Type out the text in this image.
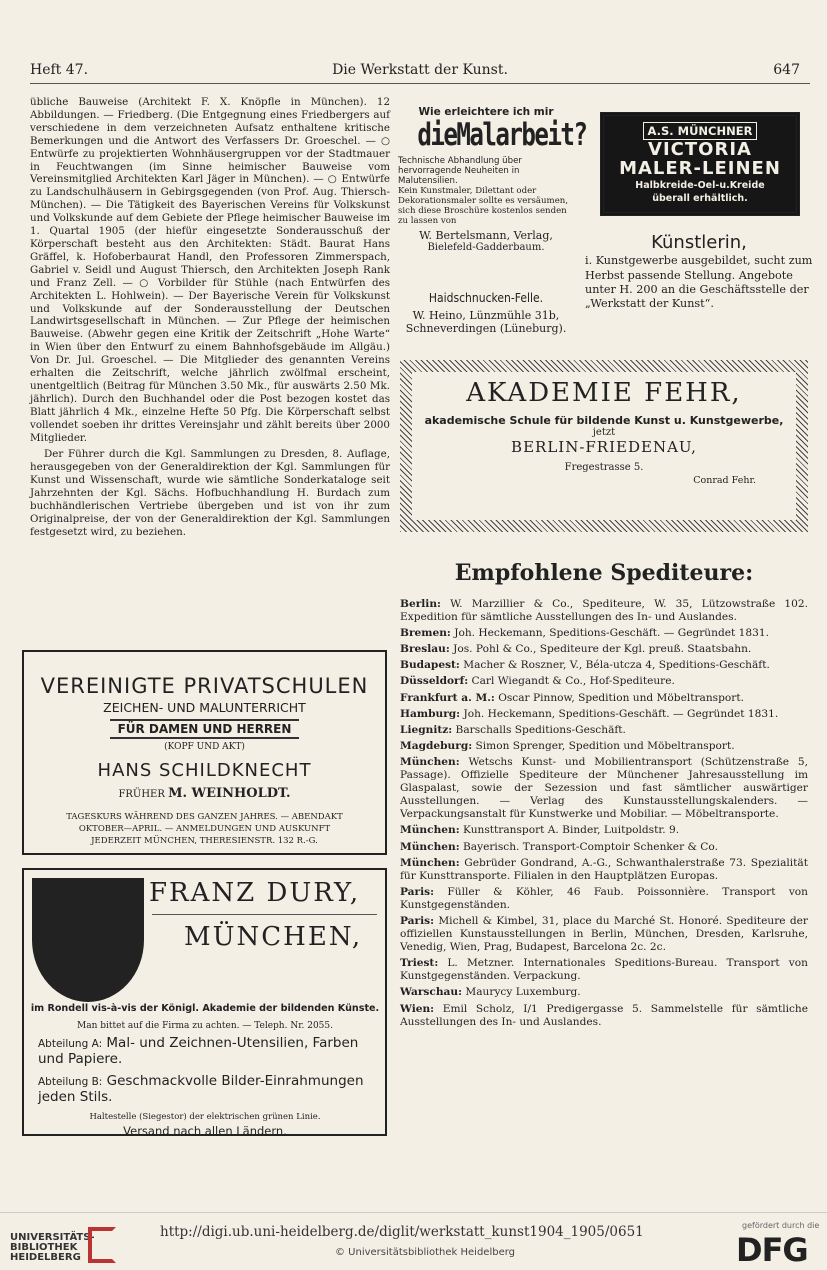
Heft 47.	Die Werkstatt der Kunst.	647

übliche Bauweise (Architekt F. X. Knöpfle in München). 12 Abbildungen. — Friedberg. (Die Entgegnung eines Friedbergers auf verschiedene in dem verzeichneten Aufsatz enthaltene kritische Bemerkungen und die Antwort des Verfassers Dr. Groeschel. — ○ Entwürfe zu projektierten Wohnhäusergruppen vor der Stadtmauer in Feuchtwangen (im Sinne heimischer Bauweise vom Vereinsmitglied Architekten Karl Jäger in München). — ○ Entwürfe zu Landschulhäusern in Gebirgsgegenden (von Prof. Aug. Thiersch-München). — Die Tätigkeit des Bayerischen Vereins für Volkskunst und Volkskunde auf dem Gebiete der Pflege heimischer Bauweise im 1. Quartal 1905 (der hiefür eingesetzte Sonderausschuß der Körperschaft besteht aus den Architekten: Städt. Baurat Hans Gräffel, k. Hofoberbaurat Handl, den Professoren Zimmerspach, Gabriel v. Seidl und August Thiersch, den Architekten Joseph Rank und Franz Zell. — ○ Vorbilder für Stühle (nach Entwürfen des Architekten L. Hohlwein). — Der Bayerische Verein für Volkskunst und Volkskunde auf der Sonderausstellung der Deutschen Landwirtsgesellschaft in München. — Zur Pflege der heimischen Bauweise. (Abwehr gegen eine Kritik der Zeitschrift „Hohe Warte“ in Wien über den Entwurf zu einem Bahnhofsgebäude im Allgäu.) Von Dr. Jul. Groeschel. — Die Mitglieder des genannten Vereins erhalten die Zeitschrift, welche jährlich zwölfmal erscheint, unentgeltlich (Beitrag für München 3.50 Mk., für auswärts 2.50 Mk. jährlich). Durch den Buchhandel oder die Post bezogen kostet das Blatt jährlich 4 Mk., einzelne Hefte 50 Pfg. Die Körperschaft selbst vollendet soeben ihr drittes Vereinsjahr und zählt bereits über 2000 Mitglieder.

Der Führer durch die Kgl. Sammlungen zu Dresden, 8. Auflage, herausgegeben von der Generaldirektion der Kgl. Sammlungen für Kunst und Wissenschaft, wurde wie sämtliche Sonderkataloge seit Jahrzehnten der Kgl. Sächs. Hofbuchhandlung H. Burdach zum buchhändlerischen Vertriebe übergeben und ist von ihr zum Originalpreise, der von der Generaldirektion der Kgl. Sammlungen festgesetzt wird, zu beziehen.

VEREINIGTE PRIVATSCHULEN
ZEICHEN- UND MALUNTERRICHT
FÜR DAMEN UND HERREN
(KOPF UND AKT)
HANS SCHILDKNECHT
FRÜHER M. WEINHOLDT.
TAGESKURS WÄHREND DES GANZEN JAHRES. — ABENDAKT
OKTOBER—APRIL. — ANMELDUNGEN UND AUSKUNFT
JEDERZEIT MÜNCHEN, THERESIENSTR. 132 R.-G.
FRANZ DURY,
MÜNCHEN,
im Rondell vis-à-vis der Königl. Akademie der bildenden Künste.
Man bittet auf die Firma zu achten. — Teleph. Nr. 2055.
Abteilung A: Mal- und Zeichnen-Utensilien, Farben und Papiere.
Abteilung B: Geschmackvolle Bilder-Einrahmungen jeden Stils.
Haltestelle (Siegestor) der elektrischen grünen Linie.
Versand nach allen Ländern.
Wie erleichtere ich mir
dieMalarbeit?
Technische Abhandlung über hervorragende Neuheiten in Malutensilien.
Kein Kunstmaler, Dilettant oder Dekorationsmaler sollte es versäumen, sich diese Broschüre kostenlos senden zu lassen von
W. Bertelsmann, Verlag,
Bielefeld-Gadderbaum.
Haidschnucken-Felle.
W. Heino, Lünzmühle 31b,
Schneverdingen (Lüneburg).
A.S. MÜNCHNER
VICTORIA
MALER-LEINEN
Halbkreide-Oel-u.Kreide
überall erhältlich.
Künstlerin,
i. Kunstgewerbe ausgebildet, sucht zum Herbst passende Stellung. Angebote unter H. 200 an die Geschäftsstelle der „Werkstatt der Kunst“.
AKADEMIE FEHR,
akademische Schule für bildende Kunst u. Kunstgewerbe,
jetzt
BERLIN-FRIEDENAU,
Fregestrasse 5.
Conrad Fehr.
Empfohlene Spediteure:
Berlin: W. Marzillier & Co., Spediteure, W. 35, Lützowstraße 102. Expedition für sämtliche Ausstellungen des In- und Auslandes.
Bremen: Joh. Heckemann, Speditions-Geschäft. — Gegründet 1831.
Breslau: Jos. Pohl & Co., Spediteure der Kgl. preuß. Staatsbahn.
Budapest: Macher & Roszner, V., Béla-utcza 4, Speditions-Geschäft.
Düsseldorf: Carl Wiegandt & Co., Hof-Spediteure.
Frankfurt a. M.: Oscar Pinnow, Spedition und Möbeltransport.
Hamburg: Joh. Heckemann, Speditions-Geschäft. — Gegründet 1831.
Liegnitz: Barschalls Speditions-Geschäft.
Magdeburg: Simon Sprenger, Spedition und Möbeltransport.
München: Wetschs Kunst- und Mobilientransport (Schützenstraße 5, Passage). Offizielle Spediteure der Münchener Jahresausstellung im Glaspalast, sowie der Sezession und fast sämtlicher auswärtiger Ausstellungen. — Verlag des Kunstausstellungskalenders. — Verpackungsanstalt für Kunstwerke und Mobiliar. — Möbeltransporte.
München: Kunsttransport A. Binder, Luitpoldstr. 9.
München: Bayerisch. Transport-Comptoir Schenker & Co.
München: Gebrüder Gondrand, A.-G., Schwanthalerstraße 73. Spezialität für Kunsttransporte. Filialen in den Hauptplätzen Europas.
Paris: Füller & Köhler, 46 Faub. Poissonnière. Transport von Kunstgegenständen.
Paris: Michell & Kimbel, 31, place du Marché St. Honoré. Spediteure der offiziellen Kunstausstellungen in Berlin, München, Dresden, Karlsruhe, Venedig, Wien, Prag, Budapest, Barcelona 2c. 2c.
Triest: L. Metzner. Internationales Speditions-Bureau. Transport von Kunstgegenständen. Verpackung.
Warschau: Maurycy Luxemburg.
Wien: Emil Scholz, I/1 Predigergasse 5. Sammelstelle für sämtliche Ausstellungen des In- und Auslandes.
UNIVERSITÄTS-
BIBLIOTHEK
HEIDELBERG
http://digi.ub.uni-heidelberg.de/diglit/werkstatt_kunst1904_1905/0651
© Universitätsbibliothek Heidelberg
gefördert durch die
DFG
